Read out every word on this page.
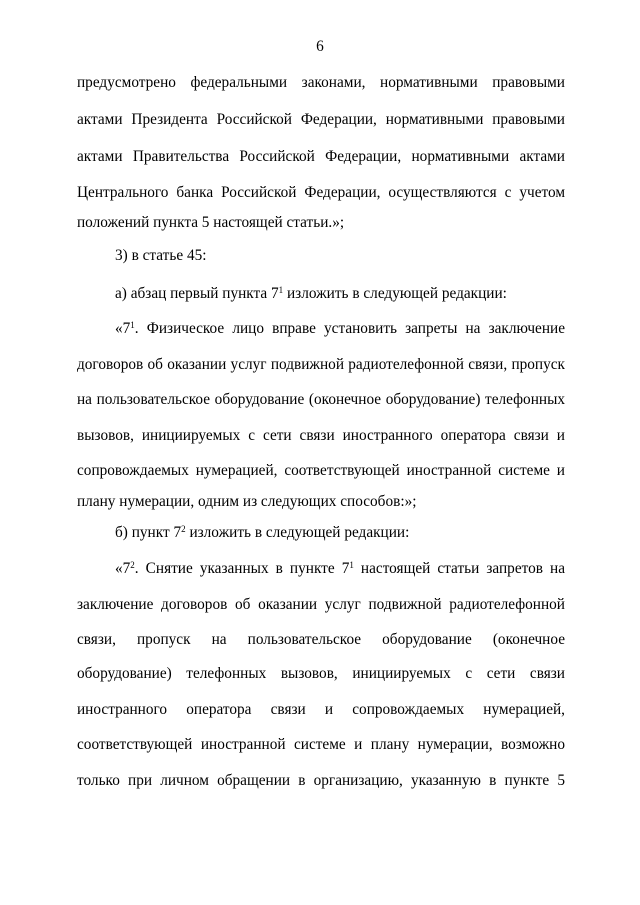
6
предусмотрено федеральными законами, нормативными правовыми
актами Президента Российской Федерации, нормативными правовыми
актами Правительства Российской Федерации, нормативными актами
Центрального банка Российской Федерации, осуществляются с учетом
положений пункта 5 настоящей статьи.»;
3) в статье 45:
а) абзац первый пункта $7^1$ изложить в следующей редакции:
«$7^1$. Физическое лицо вправе установить запреты на заключение
договоров об оказании услуг подвижной радиотелефонной связи, пропуск
на пользовательское оборудование (оконечное оборудование) телефонных
вызовов, инициируемых с сети связи иностранного оператора связи и
сопровождаемых нумерацией, соответствующей иностранной системе и
плану нумерации, одним из следующих способов:»;
б) пункт $7^2$ изложить в следующей редакции:
«$7^2$. Снятие указанных в пункте $7^1$ настоящей статьи запретов на
заключение договоров об оказании услуг подвижной радиотелефонной
связи, пропуск на пользовательское оборудование (оконечное
оборудование) телефонных вызовов, инициируемых с сети связи
иностранного оператора связи и сопровождаемых нумерацией,
соответствующей иностранной системе и плану нумерации, возможно
только при личном обращении в организацию, указанную в пункте 5
